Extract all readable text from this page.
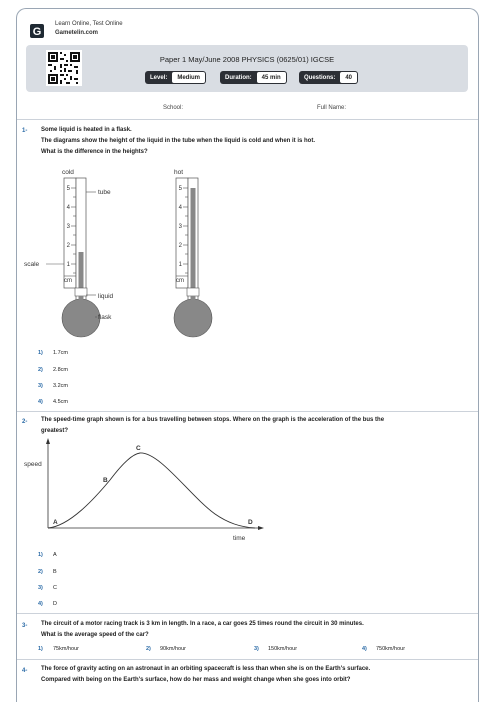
G
Learn Online, Test Online
Gametelin.com
Paper 1 May/June 2008 PHYSICS (0625/01) IGCSE
Level:	Medium	Duration:	45 min	Questions:	40
School:	Full Name:
1- Some liquid is heated in a flask.
The diagrams show the height of the liquid in the tube when the liquid is cold and when it is hot.
What is the difference in the heights?
cold
5
4
3
2
1
cm
tube
scale
liquid
flask
hot
5
4
3
2
1
cm
1) 1.7cm
2) 2.8cm
3) 3.2cm
4) 4.5cm
2- The speed-time graph shown is for a bus travelling between stops. Where on the graph is the acceleration of the bus the
greatest?
speed
time
A
B
C
D
1) A
2) B
3) C
4) D
3- The circuit of a motor racing track is 3 km in length. In a race, a car goes 25 times round the circuit in 30 minutes.
What is the average speed of the car?
1) 75km/hour	2) 90km/hour	3) 150km/hour	4) 750km/hour
4- The force of gravity acting on an astronaut in an orbiting spacecraft is less than when she is on the Earth's surface.
Compared with being on the Earth's surface, how do her mass and weight change when she goes into orbit?
